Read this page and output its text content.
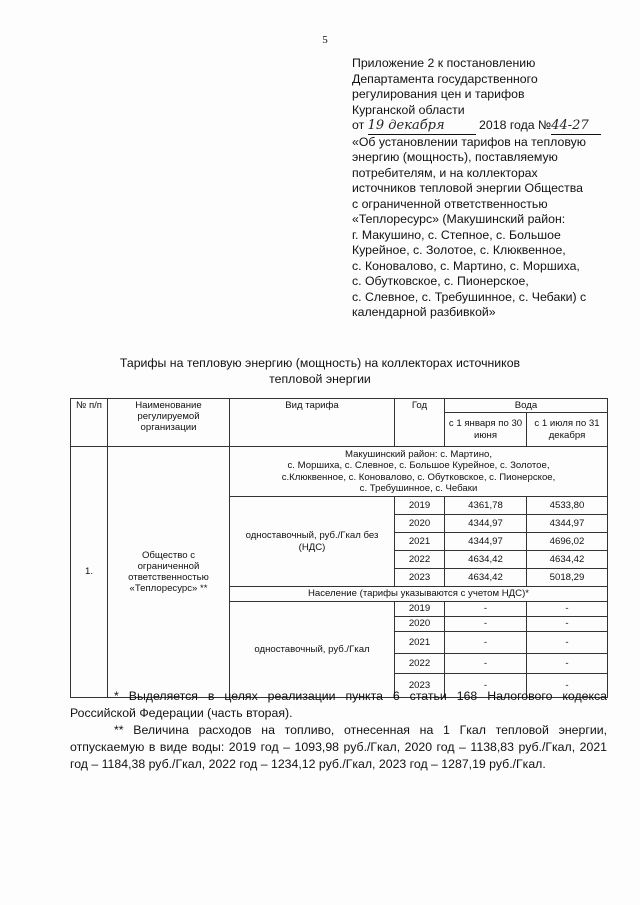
5
Приложение 2 к постановлению
Департамента государственного
регулирования цен и тарифов
Курганской области
от 19 декабря	2018 года №44-27
«Об установлении тарифов на тепловую
энергию (мощность), поставляемую
потребителям, и на коллекторах
источников тепловой энергии Общества
с ограниченной ответственностью
«Теплоресурс» (Макушинский район:
г. Макушино, с. Степное, с. Большое
Курейное, с. Золотое, с. Клюквенное,
с. Коновалово, с. Мартино, с. Моршиха,
с. Обутковское, с. Пионерское,
с. Слевное, с. Требушинное, с. Чебаки) с
календарной разбивкой»
Тарифы на тепловую энергию (мощность) на коллекторах источников
тепловой энергии
№ п/п	Наименование регулируемой организации	Вид тарифа	Год	Вода	
				с 1 января по 30 июня	с 1 июля по 31 декабря
1.	Общество с ограниченной ответственностью «Теплоресурс» **	Макушинский район: с. Мартино,
с. Моршиха, с. Слевное, с. Большое Курейное, с. Золотое,
с.Клюквенное, с. Коновалово, с. Обутковское, с. Пионерское,
с. Требушинное, с. Чебаки			

		одноставочный, руб./Гкал без (НДС)	2019	4361,78	4533,80
			2020	4344,97	4344,97
			2021	4344,97	4696,02
			2022	4634,42	4634,42
			2023	4634,42	5018,29
		Население (тарифы указываются с учетом НДС)*			
		одноставочный, руб./Гкал	2019	-	-
			2020	-	-
			2021	-	-
			2022	-	-
			2023	-	-

* Выделяется в целях реализации пункта 6 статьи 168 Налогового кодекса Российской Федерации (часть вторая).

** Величина расходов на топливо, отнесенная на 1 Гкал тепловой энергии, отпускаемую в виде воды: 2019 год – 1093,98 руб./Гкал, 2020 год – 1138,83 руб./Гкал, 2021 год – 1184,38 руб./Гкал, 2022 год – 1234,12 руб./Гкал, 2023 год – 1287,19 руб./Гкал.
